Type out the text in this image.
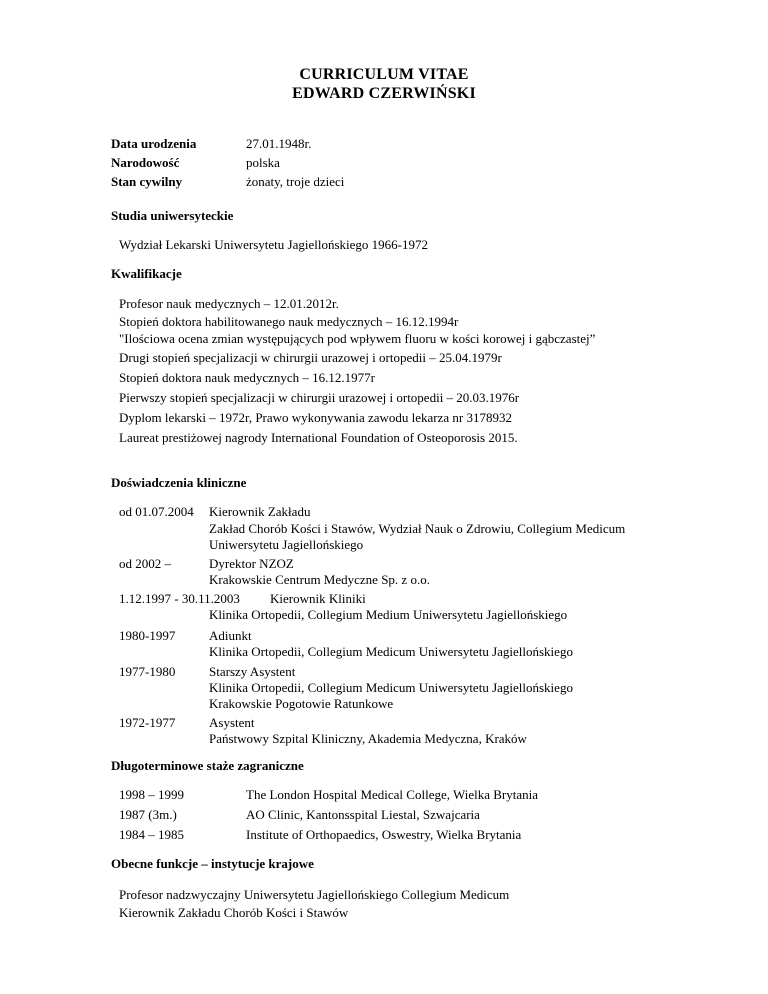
CURRICULUM VITAE
EDWARD CZERWIŃSKI
Data urodzenia	27.01.1948r.
Narodowość	polska
Stan cywilny	żonaty, troje dzieci
Studia uniwersyteckie
Wydział Lekarski Uniwersytetu Jagiellońskiego 1966-1972
Kwalifikacje
Profesor nauk medycznych – 12.01.2012r.
Stopień doktora habilitowanego nauk medycznych – 16.12.1994r
"Ilościowa ocena zmian występujących pod wpływem fluoru w kości korowej i gąbczastej”
Drugi stopień specjalizacji w chirurgii urazowej i ortopedii – 25.04.1979r
Stopień doktora nauk medycznych – 16.12.1977r
Pierwszy stopień specjalizacji w chirurgii urazowej i ortopedii – 20.03.1976r
Dyplom lekarski – 1972r, Prawo wykonywania zawodu lekarza nr 3178932
Laureat prestiżowej nagrody International Foundation of Osteoporosis 2015.
Doświadczenia kliniczne
od 01.07.2004 Kierownik Zakładu
Zakład Chorób Kości i Stawów, Wydział Nauk o Zdrowiu, Collegium Medicum
Uniwersytetu Jagiellońskiego
od 2002 –	Dyrektor NZOZ
Krakowskie Centrum Medyczne Sp. z o.o.
1.12.1997 - 30.11.2003 Kierownik Kliniki
Klinika Ortopedii, Collegium Medium Uniwersytetu Jagiellońskiego
1980-1997	Adiunkt
Klinika Ortopedii, Collegium Medicum Uniwersytetu Jagiellońskiego
1977-1980	Starszy Asystent
Klinika Ortopedii, Collegium Medicum Uniwersytetu Jagiellońskiego
Krakowskie Pogotowie Ratunkowe
1972-1977	Asystent
Państwowy Szpital Kliniczny, Akademia Medyczna, Kraków
Długoterminowe staże zagraniczne
1998 – 1999	The London Hospital Medical College, Wielka Brytania
1987 (3m.)	AO Clinic, Kantonsspital Liestal, Szwajcaria
1984 – 1985	Institute of Orthopaedics, Oswestry, Wielka Brytania
Obecne funkcje – instytucje krajowe
Profesor nadzwyczajny Uniwersytetu Jagiellońskiego Collegium Medicum
Kierownik Zakładu Chorób Kości i Stawów
